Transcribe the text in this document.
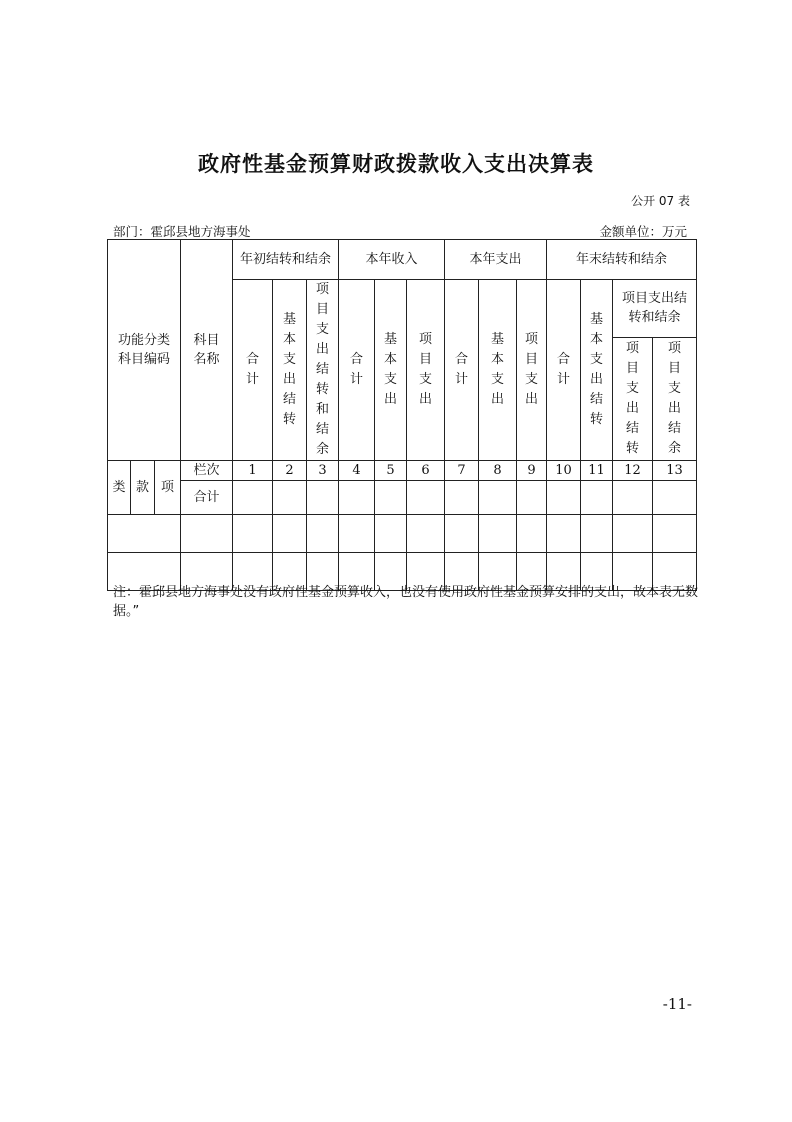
政府性基金预算财政拨款收入支出决算表
公开 07 表
部门：霍邱县地方海事处	金额单位：万元
功能分类科目编码			科目名称	年初结转和结余			本年收入			本年支出			年末结转和结余			
				合计	基本支出结转	项目支出结转和结余	合计	基本支出	项目支出	合计	基本支出	项目支出	合计	基本支出结转	项目支出结转和结余	
															项目支出结转	项目支出结余
类	款	项	栏次	1	2	3	4	5	6	7	8	9	10	11	12	13
			合计													

注：霍邱县地方海事处没有政府性基金预算收入，也没有使用政府性基金预算安排的支出，故本表无数据。”
-11-
